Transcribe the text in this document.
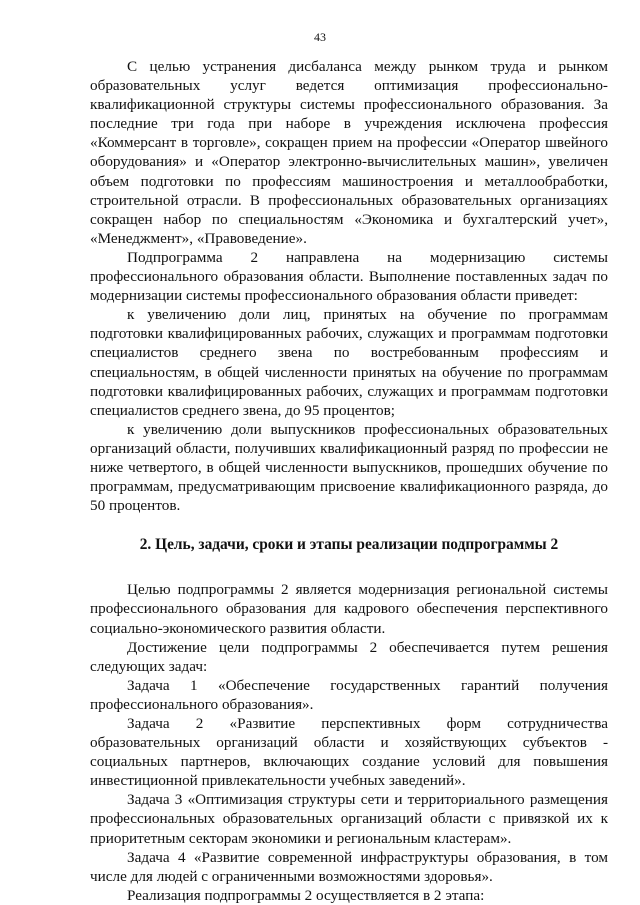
43

С целью устранения дисбаланса между рынком труда и рынком образовательных услуг ведется оптимизация профессионально-квалификационной структуры системы профессионального образования. За последние три года при наборе в учреждения исключена профессия «Коммерсант в торговле», сокращен прием на профессии «Оператор швейного оборудования» и «Оператор электронно-вычислительных машин», увеличен объем подготовки по профессиям машиностроения и металлообработки, строительной отрасли. В профессиональных образовательных организациях сокращен набор по специальностям «Экономика и бухгалтерский учет», «Менеджмент», «Правоведение».

Подпрограмма 2 направлена на модернизацию системы профессионального образования области. Выполнение поставленных задач по модернизации системы профессионального образования области приведет:

к увеличению доли лиц, принятых на обучение по программам подготовки квалифицированных рабочих, служащих и программам подготовки специалистов среднего звена по востребованным профессиям и специальностям, в общей численности принятых на обучение по программам подготовки квалифицированных рабочих, служащих и программам подготовки специалистов среднего звена, до 95 процентов;

к увеличению доли выпускников профессиональных образовательных организаций области, получивших квалификационный разряд по профессии не ниже четвертого, в общей численности выпускников, прошедших обучение по программам, предусматривающим присвоение квалификационного разряда, до 50 процентов.

2. Цель, задачи, сроки и этапы реализации подпрограммы 2

Целью подпрограммы 2 является модернизация региональной системы профессионального образования для кадрового обеспечения перспективного социально-экономического развития области.

Достижение цели подпрограммы 2 обеспечивается путем решения следующих задач:

Задача 1 «Обеспечение государственных гарантий получения профессионального образования».

Задача 2 «Развитие перспективных форм сотрудничества образовательных организаций области и хозяйствующих субъектов - социальных партнеров, включающих создание условий для повышения инвестиционной привлекательности учебных заведений».

Задача 3 «Оптимизация структуры сети и территориального размещения профессиональных образовательных организаций области с привязкой их к приоритетным секторам экономики и региональным кластерам».

Задача 4 «Развитие современной инфраструктуры образования, в том числе для людей с ограниченными возможностями здоровья».

Реализация подпрограммы 2 осуществляется в 2 этапа:
